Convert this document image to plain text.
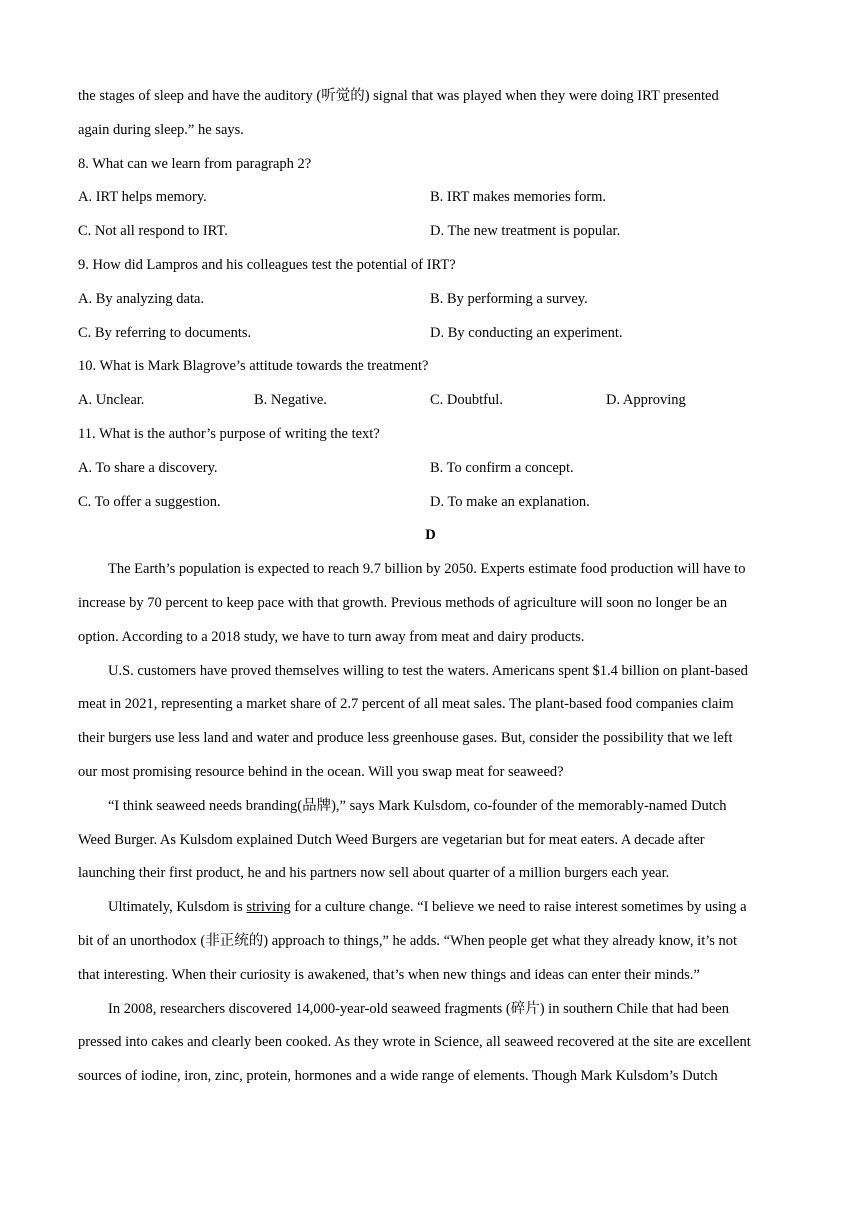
the stages of sleep and have the auditory (听觉的) signal that was played when they were doing IRT presented
again during sleep.” he says.
8. What can we learn from paragraph 2?
A. IRT helps memory.	B. IRT makes memories form.
C. Not all respond to IRT.	D. The new treatment is popular.
9. How did Lampros and his colleagues test the potential of IRT?
A. By analyzing data.	B. By performing a survey.
C. By referring to documents.	D. By conducting an experiment.
10. What is Mark Blagrove’s attitude towards the treatment?
A. Unclear.	B. Negative.	C. Doubtful.	D. Approving
11. What is the author’s purpose of writing the text?
A. To share a discovery.	B. To confirm a concept.
C. To offer a suggestion.	D. To make an explanation.
D
The Earth’s population is expected to reach 9.7 billion by 2050. Experts estimate food production will have to
increase by 70 percent to keep pace with that growth. Previous methods of agriculture will soon no longer be an
option. According to a 2018 study, we have to turn away from meat and dairy products.
U.S. customers have proved themselves willing to test the waters. Americans spent $1.4 billion on plant-based
meat in 2021, representing a market share of 2.7 percent of all meat sales. The plant-based food companies claim
their burgers use less land and water and produce less greenhouse gases. But, consider the possibility that we left
our most promising resource behind in the ocean. Will you swap meat for seaweed?
“I think seaweed needs branding(品牌),” says Mark Kulsdom, co-founder of the memorably-named Dutch
Weed Burger. As Kulsdom explained Dutch Weed Burgers are vegetarian but for meat eaters. A decade after
launching their first product, he and his partners now sell about quarter of a million burgers each year.
Ultimately, Kulsdom is striving for a culture change. “I believe we need to raise interest sometimes by using a
bit of an unorthodox (非正统的) approach to things,” he adds. “When people get what they already know, it’s not
that interesting. When their curiosity is awakened, that’s when new things and ideas can enter their minds.”
In 2008, researchers discovered 14,000-year-old seaweed fragments (碎片) in southern Chile that had been
pressed into cakes and clearly been cooked. As they wrote in Science, all seaweed recovered at the site are excellent
sources of iodine, iron, zinc, protein, hormones and a wide range of elements. Though Mark Kulsdom’s Dutch
